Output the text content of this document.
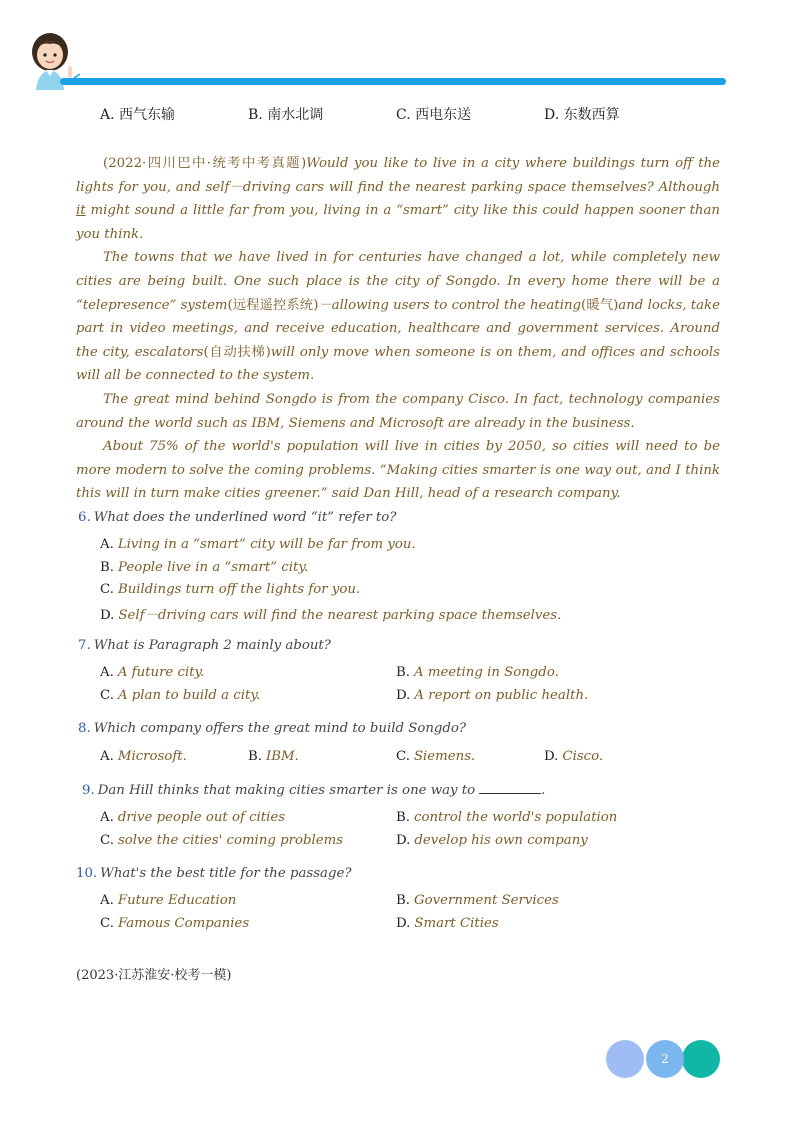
A. 西气东输	B. 南水北调	C. 西电东送	D. 东数西算

(2022·四川巴中·统考中考真题)Would you like to live in a city where buildings turn off the lights for you, and self－driving cars will find the nearest parking space themselves? Although it might sound a little far from you, living in a “smart” city like this could happen sooner than you think.

The towns that we have lived in for centuries have changed a lot, while completely new cities are being built. One such place is the city of Songdo. In every home there will be a “telepresence” system(远程遥控系统)－allowing users to control the heating(暖气)and locks, take part in video meetings, and receive education, healthcare and government services. Around the city, escalators(自动扶梯)will only move when someone is on them, and offices and schools will all be connected to the system.

The great mind behind Songdo is from the company Cisco. In fact, technology companies around the world such as IBM, Siemens and Microsoft are already in the business.

About 75% of the world's population will live in cities by 2050, so cities will need to be more modern to solve the coming problems. “Making cities smarter is one way out, and I think this will in turn make cities greener.” said Dan Hill, head of a research company.

6. What does the underlined word “it” refer to?
A. Living in a “smart” city will be far from you.
B. People live in a “smart” city.
C. Buildings turn off the lights for you.
D. Self－driving cars will find the nearest parking space themselves.
7. What is Paragraph 2 mainly about?
A. A future city.	B. A meeting in Songdo.
C. A plan to build a city.	D. A report on public health.
8. Which company offers the great mind to build Songdo?
A. Microsoft.	B. IBM.	C. Siemens.	D. Cisco.
9. Dan Hill thinks that making cities smarter is one way to	.
A. drive people out of cities	B. control the world's population
C. solve the cities' coming problems	D. develop his own company
10. What's the best title for the passage?
A. Future Education	B. Government Services
C. Famous Companies	D. Smart Cities
(2023·江苏淮安·校考一模)
2
